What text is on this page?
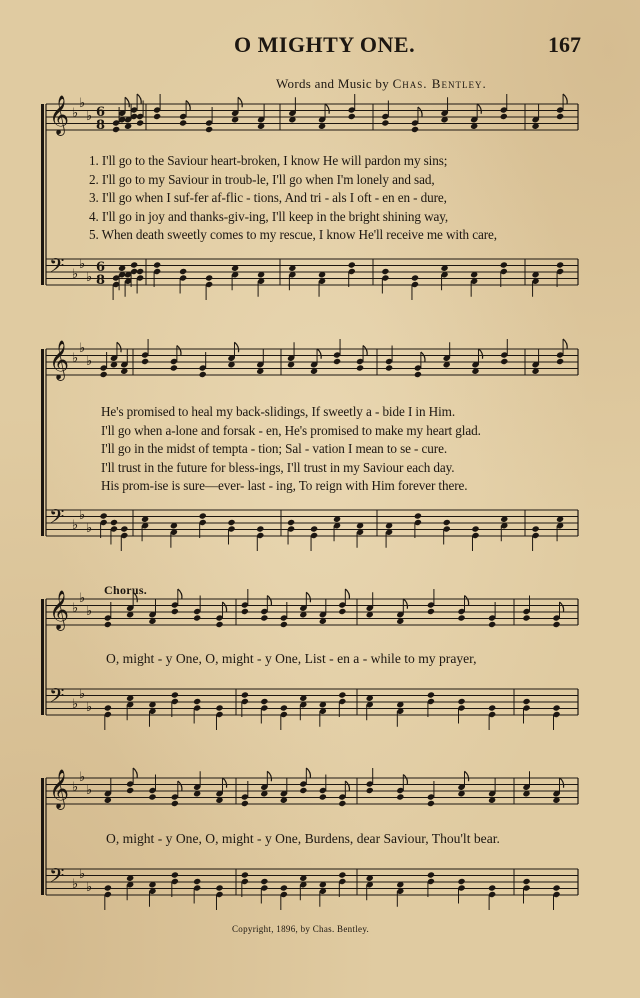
O MIGHTY ONE.	167
Words and Music by Chas. Bentley.
𝄞 ♭
♭
♭ 6
8
𝄢 ♭
♭
♭
6
8
𝄞 ♭
♭
♭
𝄢 ♭
♭
♭
𝄞 ♭
♭
♭
𝄢 ♭
♭
♭
𝄞 ♭
♭
♭
𝄢 ♭
♭
♭
1. I'll go to the Saviour heart-broken, I know He will pardon my sins;
2. I'll go to my Saviour in troub-le, I'll go when I'm lonely and sad,
3. I'll go when I suf-fer af-flic - tions, And tri - als I oft - en en - dure,
4. I'll go in joy and thanks-giv-ing, I'll keep in the bright shining way,
5. When death sweetly comes to my rescue, I know He'll receive me with care,
He's promised to heal my back-slidings, If sweetly a - bide I in Him.
I'll go when a-lone and forsak - en, He's promised to make my heart glad.
I'll go in the midst of tempta - tion; Sal - vation I mean to se - cure.
I'll trust in the future for bless-ings, I'll trust in my Saviour each day.
His prom-ise is sure—ever- last - ing, To reign with Him forever there.
Chorus.
O, might - y One, O, might - y One, List - en a - while to my prayer,
O, might - y One, O, might - y One, Burdens, dear Saviour, Thou'lt bear.
Copyright, 1896, by Chas. Bentley.
